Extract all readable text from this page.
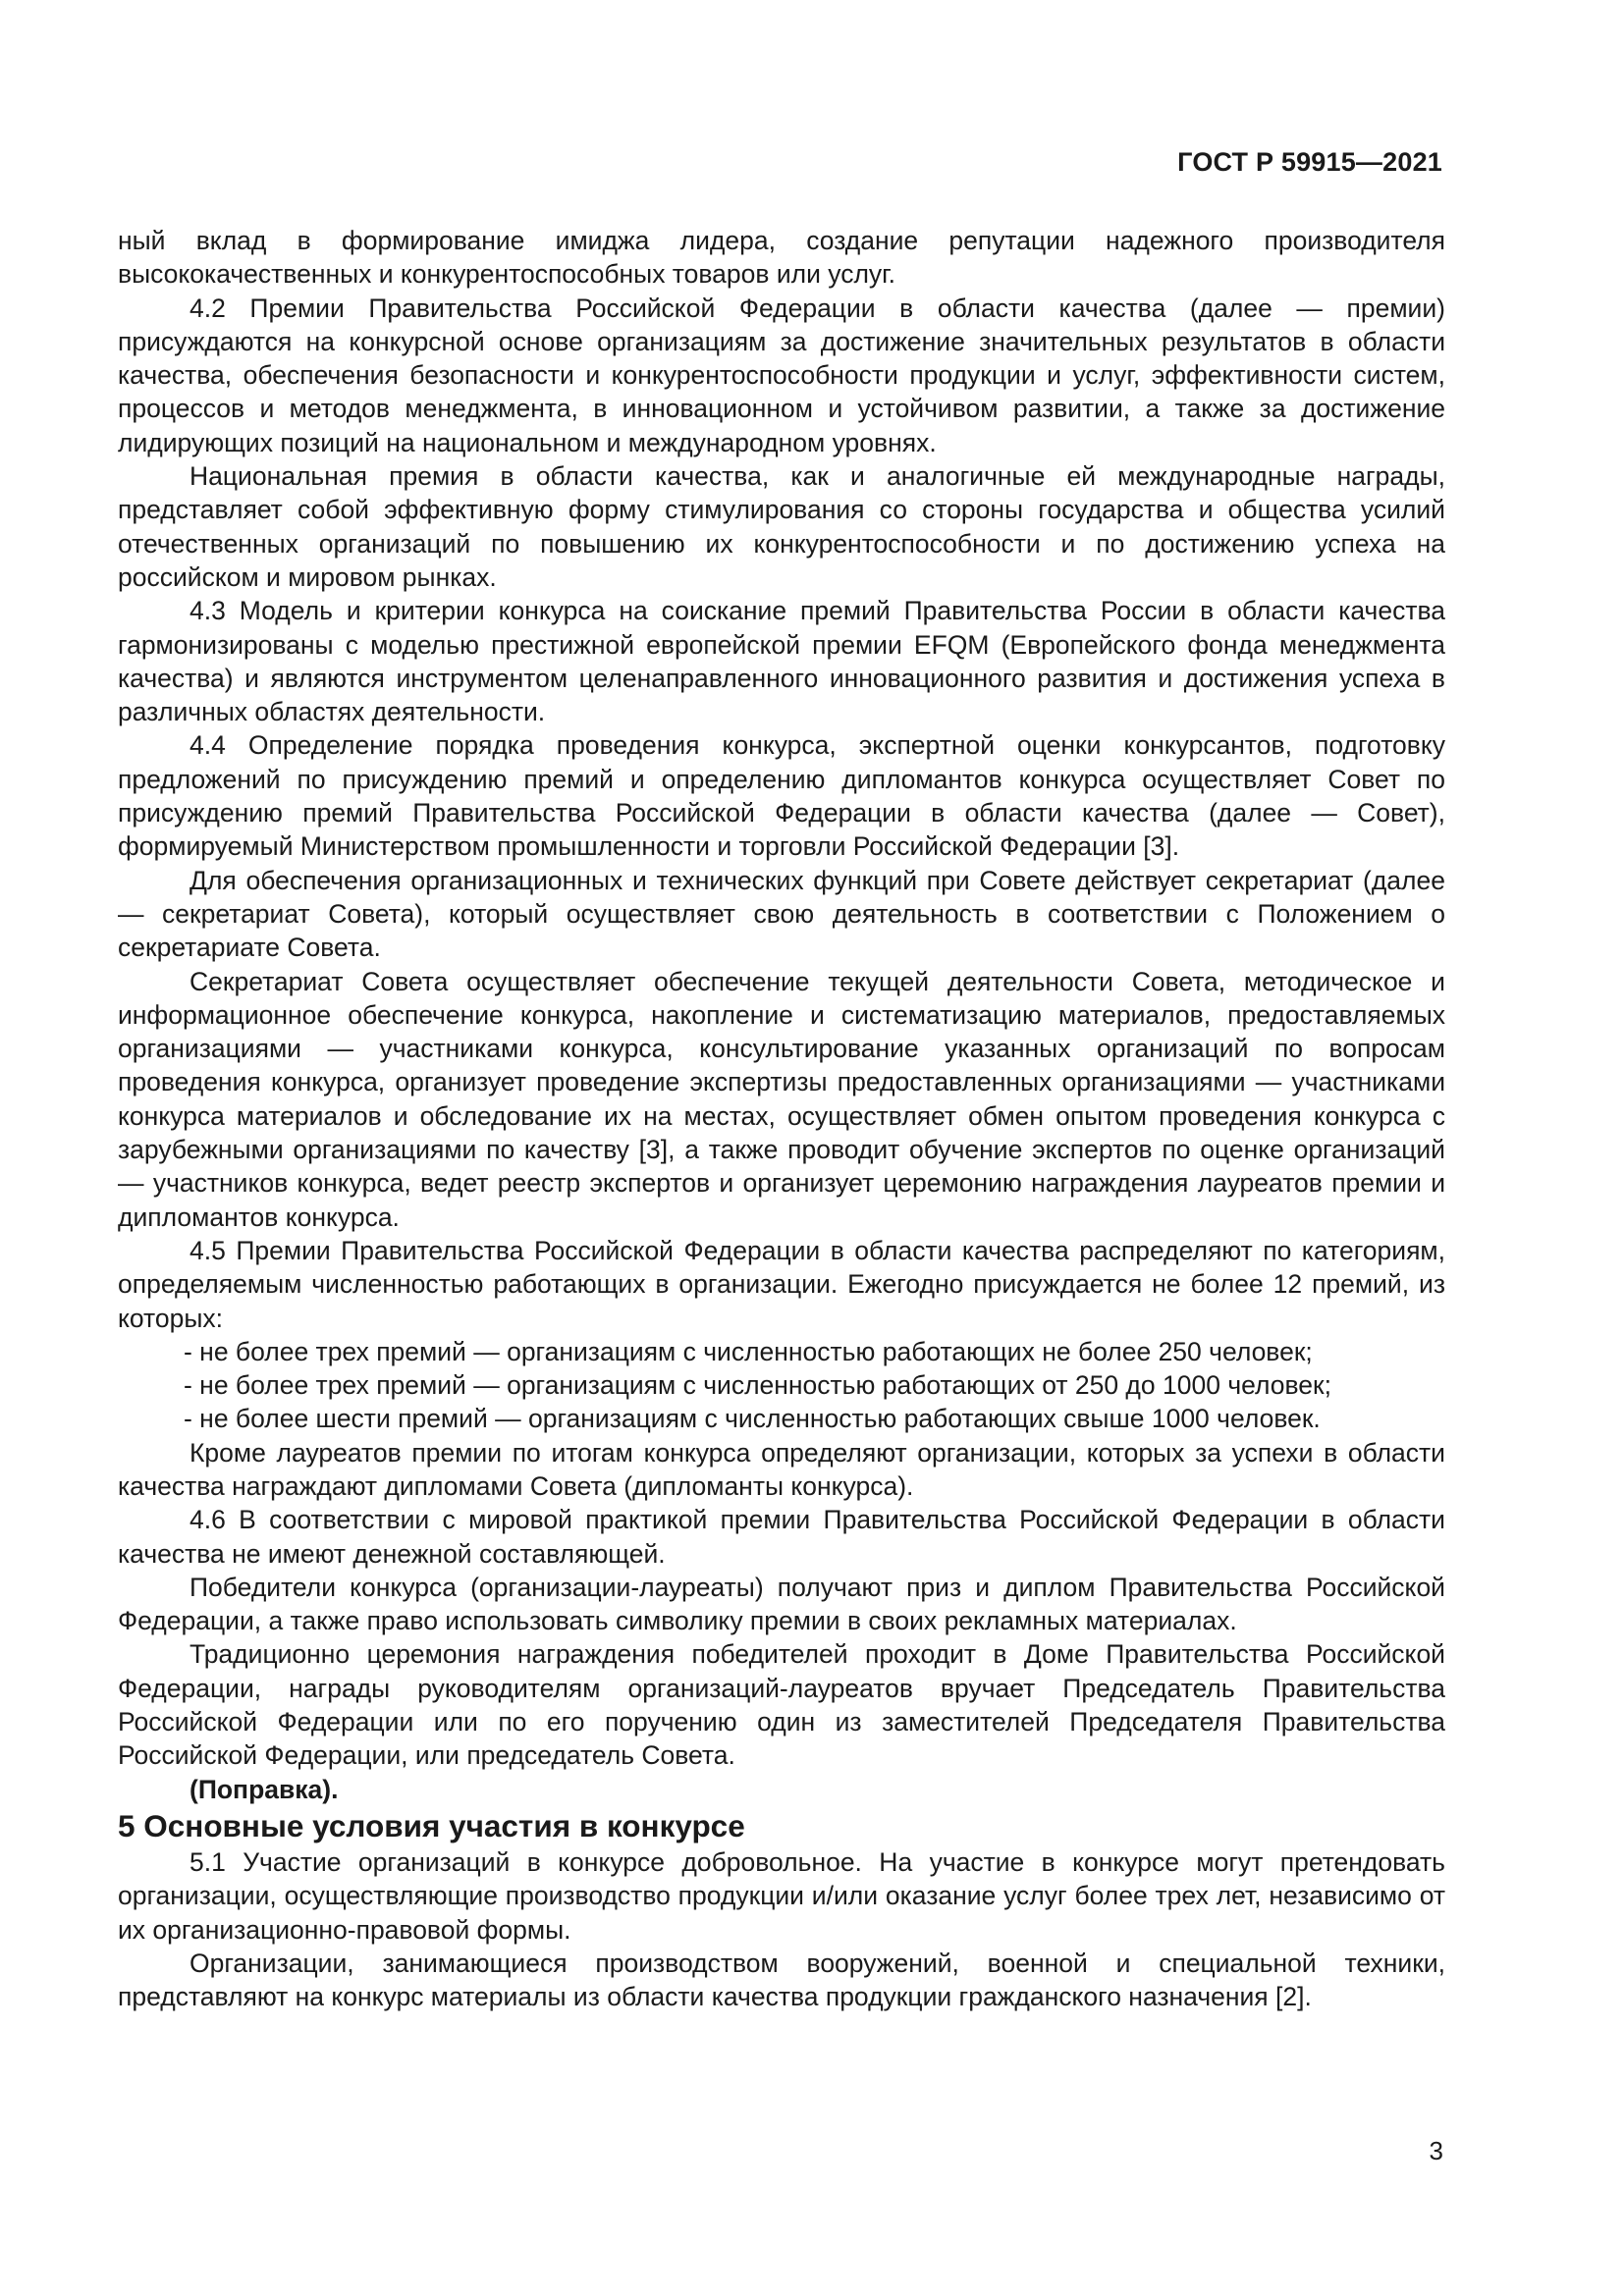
ГОСТ Р 59915—2021

ный вклад в формирование имиджа лидера, создание репутации надежного производителя высококачественных и конкурентоспособных товаров или услуг.

4.2 Премии Правительства Российской Федерации в области качества (далее — премии) присуждаются на конкурсной основе организациям за достижение значительных результатов в области качества, обеспечения безопасности и конкурентоспособности продукции и услуг, эффективности систем, процессов и методов менеджмента, в инновационном и устойчивом развитии, а также за достижение лидирующих позиций на национальном и международном уровнях.

Национальная премия в области качества, как и аналогичные ей международные награды, представляет собой эффективную форму стимулирования со стороны государства и общества усилий отечественных организаций по повышению их конкурентоспособности и по достижению успеха на российском и мировом рынках.

4.3 Модель и критерии конкурса на соискание премий Правительства России в области качества гармонизированы с моделью престижной европейской премии EFQM (Европейского фонда менеджмента качества) и являются инструментом целенаправленного инновационного развития и достижения успеха в различных областях деятельности.

4.4 Определение порядка проведения конкурса, экспертной оценки конкурсантов, подготовку предложений по присуждению премий и определению дипломантов конкурса осуществляет Совет по присуждению премий Правительства Российской Федерации в области качества (далее — Совет), формируемый Министерством промышленности и торговли Российской Федерации [3].

Для обеспечения организационных и технических функций при Совете действует секретариат (далее — секретариат Совета), который осуществляет свою деятельность в соответствии с Положением о секретариате Совета.

Секретариат Совета осуществляет обеспечение текущей деятельности Совета, методическое и информационное обеспечение конкурса, накопление и систематизацию материалов, предоставляемых организациями — участниками конкурса, консультирование указанных организаций по вопросам проведения конкурса, организует проведение экспертизы предоставленных организациями — участниками конкурса материалов и обследование их на местах, осуществляет обмен опытом проведения конкурса с зарубежными организациями по качеству [3], а также проводит обучение экспертов по оценке организаций — участников конкурса, ведет реестр экспертов и организует церемонию награждения лауреатов премии и дипломантов конкурса.

4.5 Премии Правительства Российской Федерации в области качества распределяют по категориям, определяемым численностью работающих в организации. Ежегодно присуждается не более 12 премий, из которых:

- не более трех премий — организациям с численностью работающих не более 250 человек;

- не более трех премий — организациям с численностью работающих от 250 до 1000 человек;

- не более шести премий — организациям с численностью работающих свыше 1000 человек.

Кроме лауреатов премии по итогам конкурса определяют организации, которых за успехи в области качества награждают дипломами Совета (дипломанты конкурса).

4.6 В соответствии с мировой практикой премии Правительства Российской Федерации в области качества не имеют денежной составляющей.

Победители конкурса (организации-лауреаты) получают приз и диплом Правительства Российской Федерации, а также право использовать символику премии в своих рекламных материалах.

Традиционно церемония награждения победителей проходит в Доме Правительства Российской Федерации, награды руководителям организаций-лауреатов вручает Председатель Правительства Российской Федерации или по его поручению один из заместителей Председателя Правительства Российской Федерации, или председатель Совета.

(Поправка).

5 Основные условия участия в конкурсе

5.1 Участие организаций в конкурсе добровольное. На участие в конкурсе могут претендовать организации, осуществляющие производство продукции и/или оказание услуг более трех лет, независимо от их организационно-правовой формы.

Организации, занимающиеся производством вооружений, военной и специальной техники, представляют на конкурс материалы из области качества продукции гражданского назначения [2].

3
